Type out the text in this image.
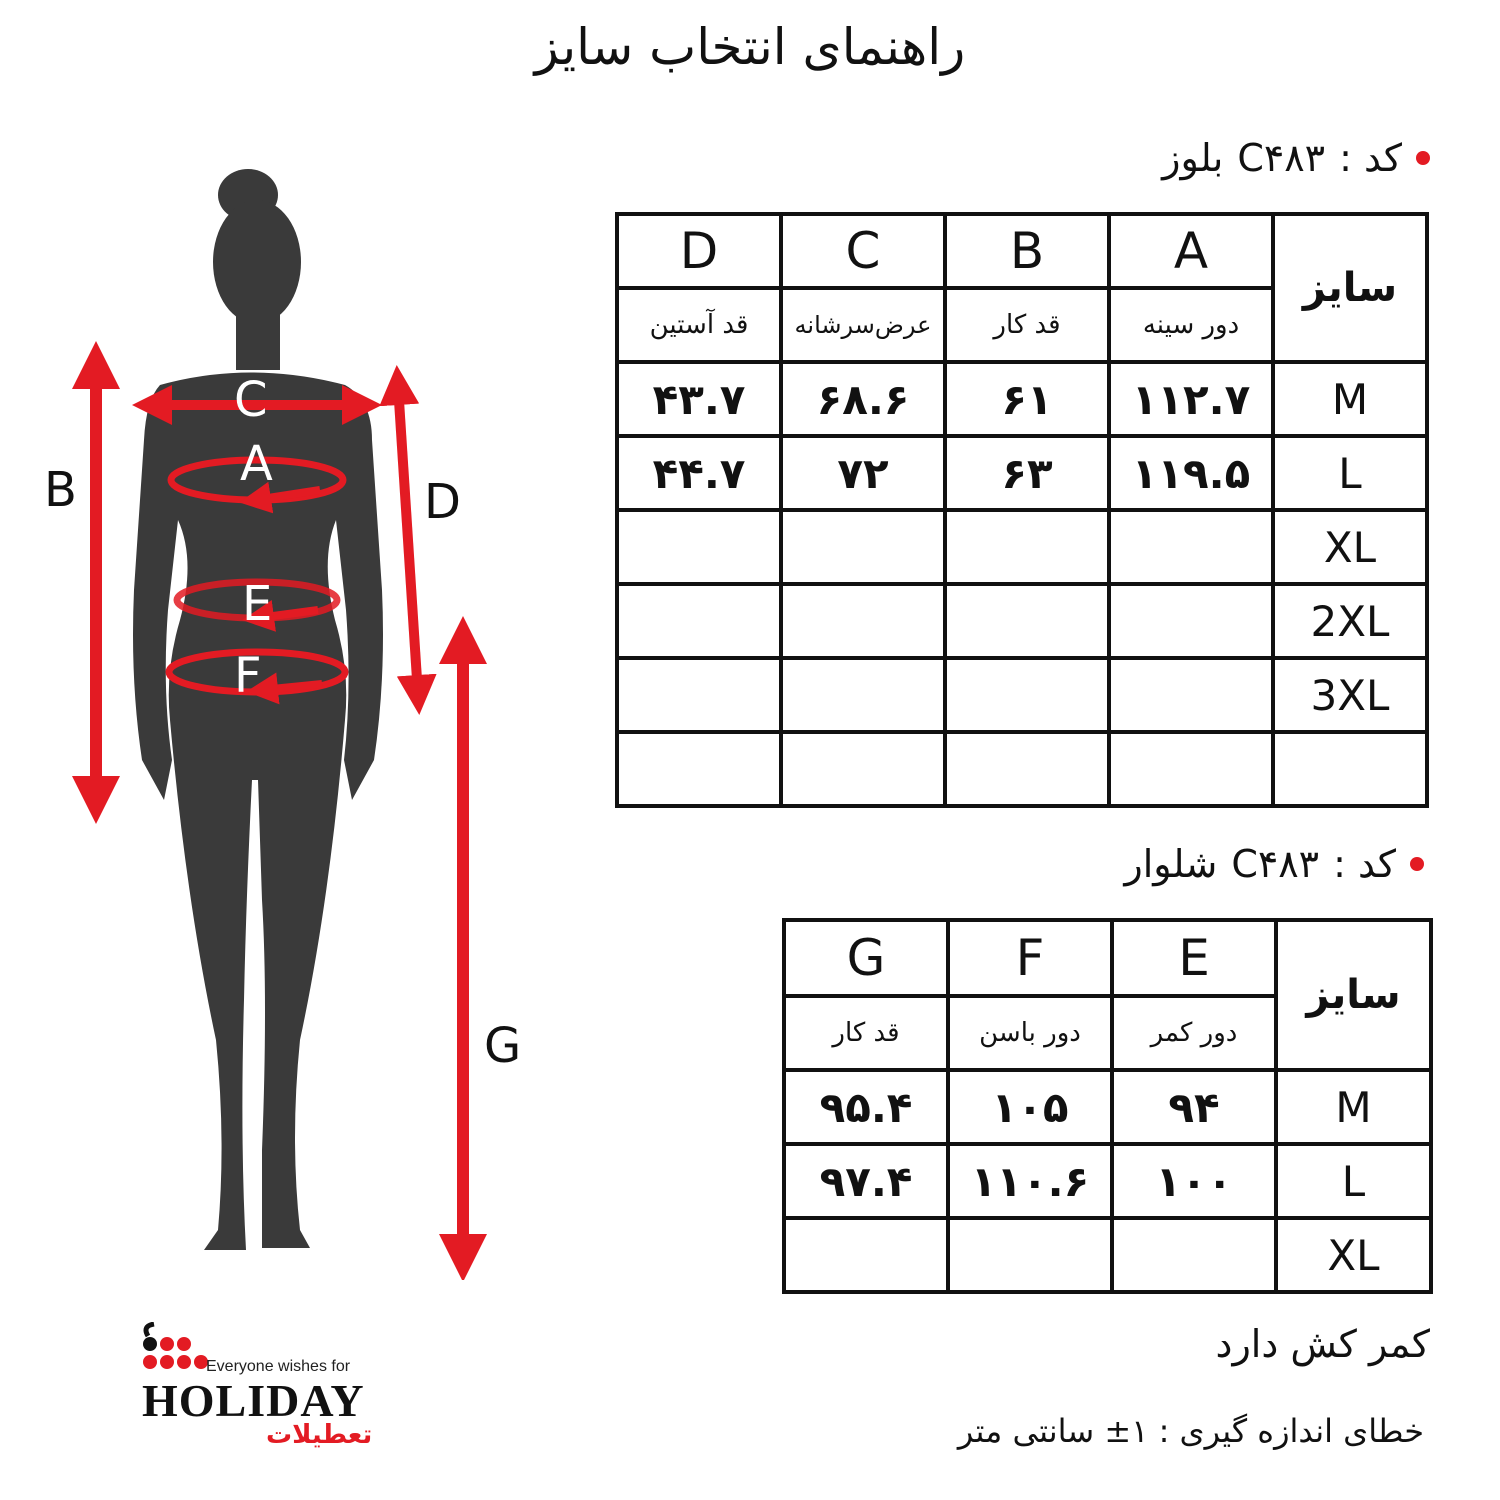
راهنمای انتخاب سایز
B	D
G
C
A
E
F
کد :
C۴۸۳
بلوز
D	C	B	A	سایز
قد آستین	عرض‌سرشانه	قد کار	دور سینه	
۴۳.۷	۶۸.۶	۶۱	۱۱۲.۷	M
۴۴.۷	۷۲	۶۳	۱۱۹.۵	L
				XL
				2XL
				3XL

کد :
C۴۸۳
شلوار
G	F	E	سایز
قد کار	دور باسن	دور کمر	
۹۵.۴	۱۰۵	۹۴	M
۹۷.۴	۱۱۰.۶	۱۰۰	L
			XL
کمر کش دارد
خطای اندازه گیری : ۱± سانتی متر
Everyone wishes for
HOLIDAY
تعطیلات
